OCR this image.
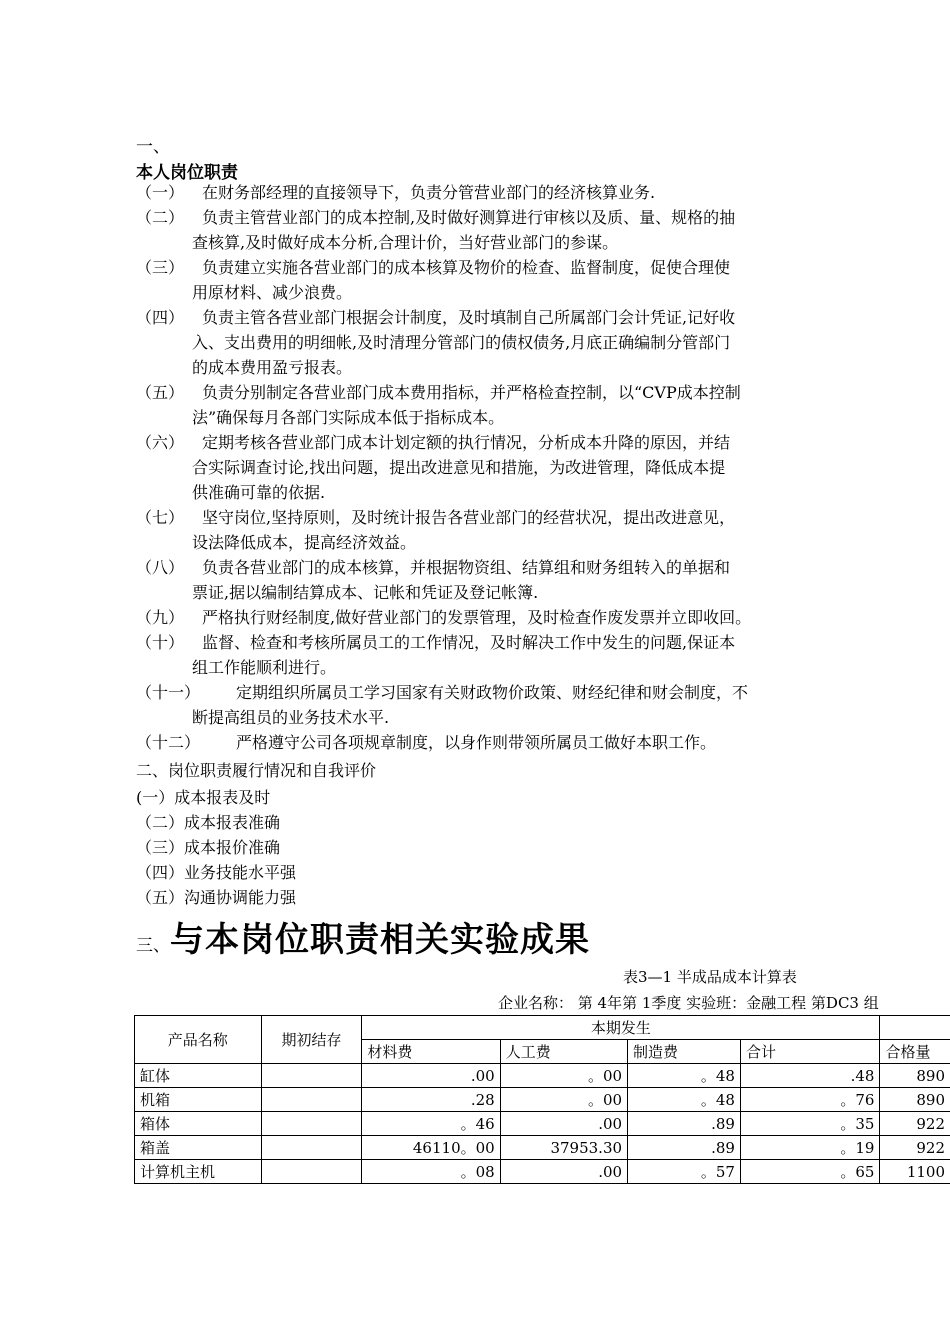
一、
本人岗位职责
（一）	在财务部经理的直接领导下，负责分管营业部门的经济核算业务.
（二）	负责主管营业部门的成本控制,及时做好测算进行审核以及质、量、规格的抽
查核算,及时做好成本分析,合理计价，当好营业部门的参谋。
（三）	负责建立实施各营业部门的成本核算及物价的检查、监督制度，促使合理使
用原材料、减少浪费。
（四）	负责主管各营业部门根据会计制度，及时填制自己所属部门会计凭证,记好收
入、支出费用的明细帐,及时清理分管部门的债权债务,月底正确编制分管部门
的成本费用盈亏报表。
（五）	负责分别制定各营业部门成本费用指标，并严格检查控制，以“CVP成本控制
法”确保每月各部门实际成本低于指标成本。
（六）	定期考核各营业部门成本计划定额的执行情况，分析成本升降的原因，并结
合实际调查讨论,找出问题，提出改进意见和措施，为改进管理，降低成本提
供准确可靠的依据.
（七）	坚守岗位,坚持原则，及时统计报告各营业部门的经营状况，提出改进意见，
设法降低成本，提高经济效益。
（八）	负责各营业部门的成本核算，并根据物资组、结算组和财务组转入的单据和
票证,据以编制结算成本、记帐和凭证及登记帐簿.
（九）	严格执行财经制度,做好营业部门的发票管理，及时检查作废发票并立即收回。
（十）	监督、检查和考核所属员工的工作情况，及时解决工作中发生的问题,保证本
组工作能顺利进行。
（十一）	定期组织所属员工学习国家有关财政物价政策、财经纪律和财会制度，不
断提高组员的业务技术水平.
（十二）	严格遵守公司各项规章制度，以身作则带领所属员工做好本职工作。
二、岗位职责履行情况和自我评价
(一）成本报表及时
（二）成本报表准确
（三）成本报价准确
（四）业务技能水平强
（五）沟通协调能力强
三、与本岗位职责相关实验成果
表3—1 半成品成本计算表
企业名称： 第 4年第 1季度 实验班：金融工程 第DC3 组
产品名称	期初结存	本期发生				
		材料费	人工费	制造费	合计	合格量
缸体		.00	。00	。48	.48	890
机箱		.28	。00	。48	。76	890
箱体		。46	.00	.89	。35	922
箱盖		46110。00	37953.30	.89	。19	922
计算机主机		。08	.00	。57	。65	1100
